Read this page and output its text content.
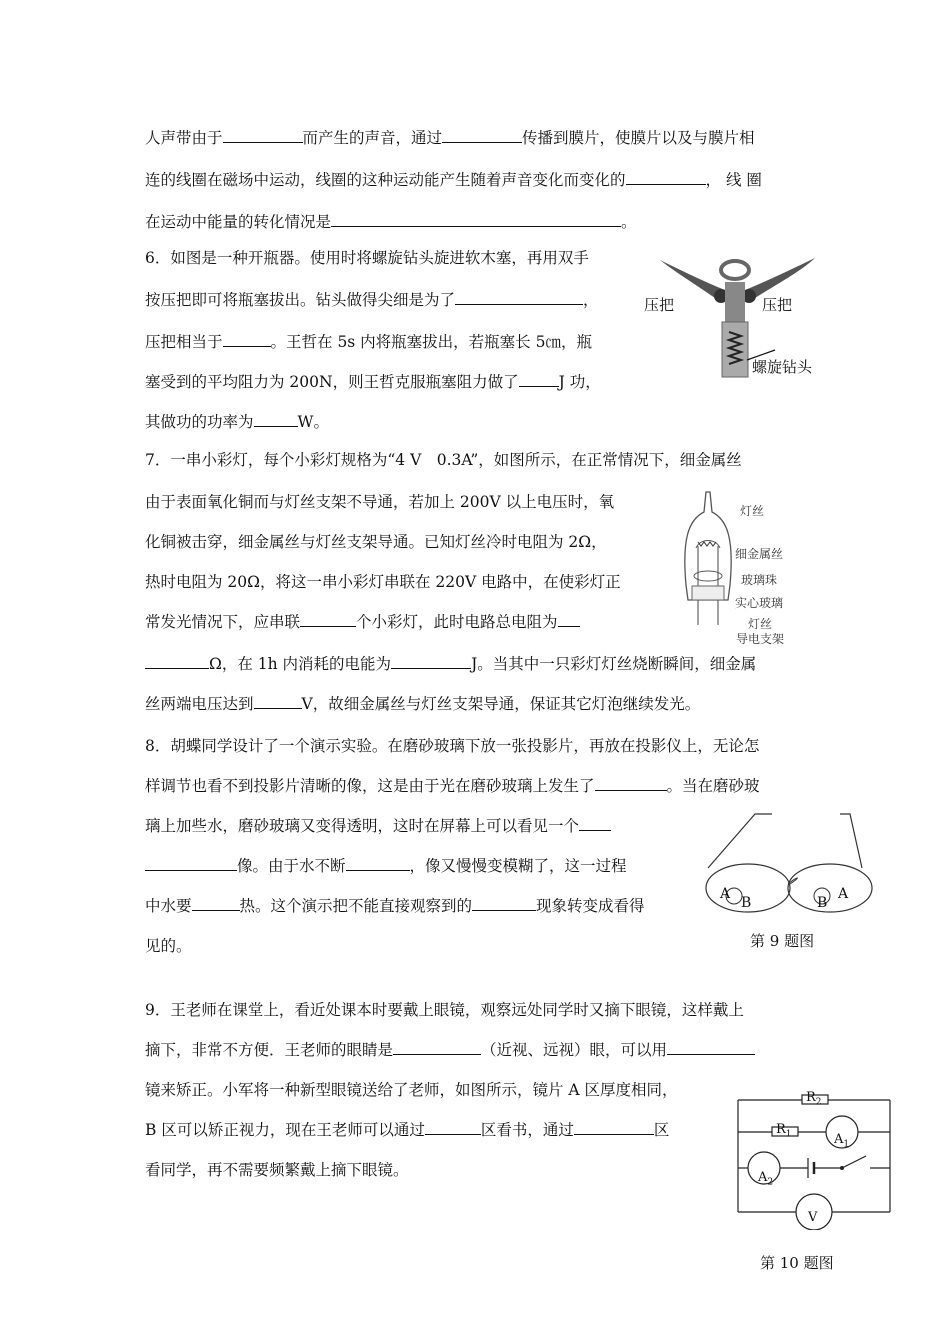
人声带由于	而产生的声音，通过	传播到膜片，使膜片以及与膜片相
连的线圈在磁场中运动，线圈的这种运动能产生随着声音变化而变化的	， 线 圈
在运动中能量的转化情况是	。
6．如图是一种开瓶器。使用时将螺旋钻头旋进软木塞，再用双手
按压把即可将瓶塞拔出。钻头做得尖细是为了	，
压把相当于	。王哲在 5s 内将瓶塞拔出，若瓶塞长 5㎝，瓶
塞受到的平均阻力为 200N，则王哲克服瓶塞阻力做了	J 功，
其做功的功率为	W。
压把	压把
螺旋钻头
7．一串小彩灯，每个小彩灯规格为“4 V　0.3A”，如图所示，在正常情况下，细金属丝
由于表面氧化铜而与灯丝支架不导通，若加上 200V 以上电压时，氧
化铜被击穿，细金属丝与灯丝支架导通。已知灯丝冷时电阻为 2Ω，
热时电阻为 20Ω，将这一串小彩灯串联在 220V 电路中，在使彩灯正
常发光情况下，应串联	个小彩灯，此时电路总电阻为
Ω，在 1h 内消耗的电能为	J。当其中一只彩灯灯丝烧断瞬间，细金属
丝两端电压达到	V，故细金属丝与灯丝支架导通，保证其它灯泡继续发光。
灯丝
细金属丝
玻璃珠
实心玻璃
灯丝
导电支架
8．胡蝶同学设计了一个演示实验。在磨砂玻璃下放一张投影片，再放在投影仪上，无论怎
样调节也看不到投影片清晰的像，这是由于光在磨砂玻璃上发生了	。当在磨砂玻
璃上加些水，磨砂玻璃又变得透明，这时在屏幕上可以看见一个
像。由于水不断	，像又慢慢变模糊了，这一过程
中水要	热。这个演示把不能直接观察到的	现象转变成看得
见的。
A
B	B
A
第 9 题图
9．王老师在课堂上，看近处课本时要戴上眼镜，观察远处同学时又摘下眼镜，这样戴上
摘下，非常不方便．王老师的眼睛是	（近视、远视）眼，可以用
镜来矫正。小军将一种新型眼镜送给了老师，如图所示，镜片 A 区厚度相同，
B 区可以矫正视力，现在王老师可以通过	区看书，通过	区
看同学，再不需要频繁戴上摘下眼镜。
$R_2$
$R_1$	$A_1$
$A_2$
V
第 10 题图
